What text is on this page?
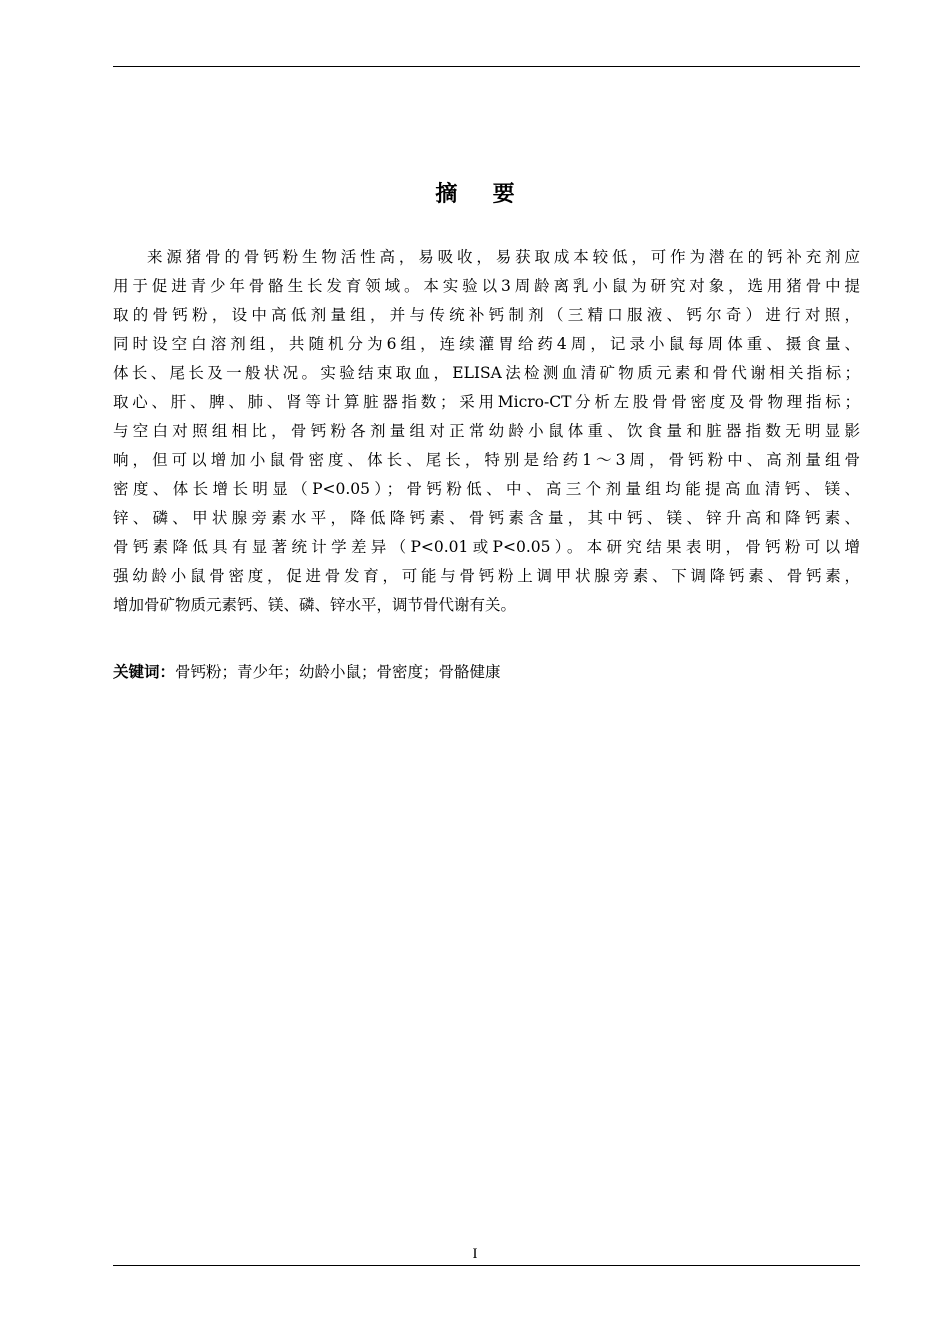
摘要
来源猪骨的骨钙粉生物活性高，易吸收，易获取成本较低，可作为潜在的钙补充剂应
用于促进青少年骨骼生长发育领域。本实验以3周龄离乳小鼠为研究对象，选用猪骨中提
取的骨钙粉，设中高低剂量组，并与传统补钙制剂（三精口服液、钙尔奇）进行对照，
同时设空白溶剂组，共随机分为6组，连续灌胃给药4周，记录小鼠每周体重、摄食量、
体长、尾长及一般状况。实验结束取血，ELISA法检测血清矿物质元素和骨代谢相关指标；
取心、肝、脾、肺、肾等计算脏器指数；采用Micro-CT分析左股骨骨密度及骨物理指标；
与空白对照组相比，骨钙粉各剂量组对正常幼龄小鼠体重、饮食量和脏器指数无明显影
响，但可以增加小鼠骨密度、体长、尾长，特别是给药1～3周，骨钙粉中、高剂量组骨
密度、体长增长明显（P<0.05）；骨钙粉低、中、高三个剂量组均能提高血清钙、镁、
锌、磷、甲状腺旁素水平，降低降钙素、骨钙素含量，其中钙、镁、锌升高和降钙素、
骨钙素降低具有显著统计学差异（P<0.01或P<0.05）。本研究结果表明，骨钙粉可以增
强幼龄小鼠骨密度，促进骨发育，可能与骨钙粉上调甲状腺旁素、下调降钙素、骨钙素，
增加骨矿物质元素钙、镁、磷、锌水平，调节骨代谢有关。
关键词：骨钙粉；青少年；幼龄小鼠；骨密度；骨骼健康
I
